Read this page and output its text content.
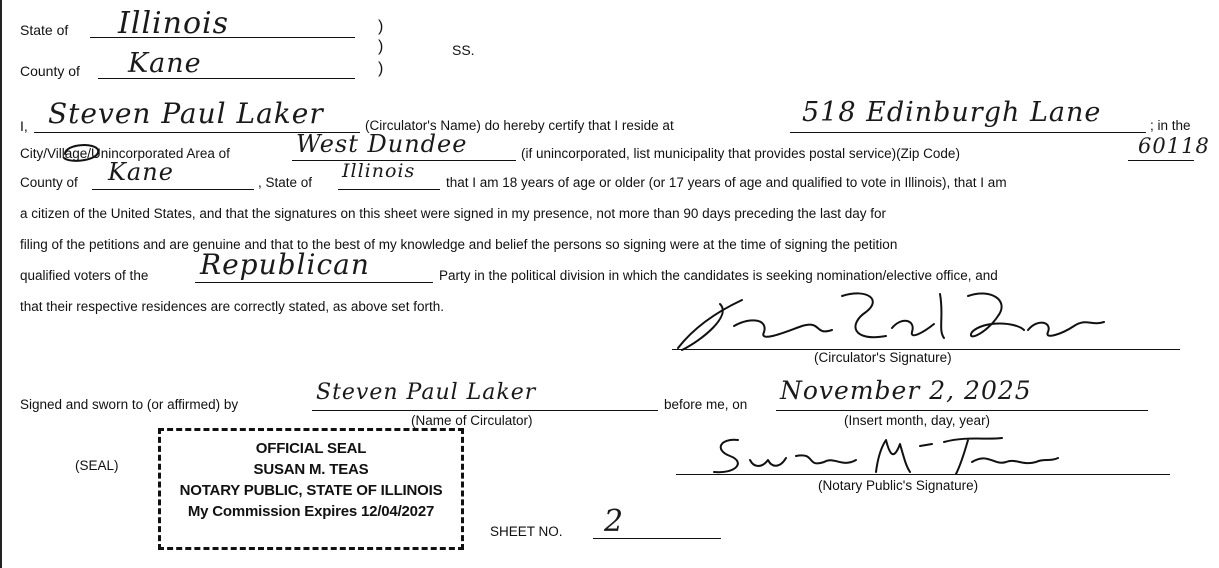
State of Illinois
County of Kane
)
)
)
SS.
I, Steven Paul Laker	(Circulator's Name) do hereby certify that I reside at	518 Edinburgh Lane	; in the
City/Village/Unincorporated Area of	West Dundee	(if unincorporated, list municipality that provides postal service)(Zip Code)	60118
County of Kane	, State of
Illinois
that I am 18 years of age or older (or 17 years of age and qualified to vote in Illinois), that I am
a citizen of the United States, and that the signatures on this sheet were signed in my presence, not more than 90 days preceding the last day for
filing of the petitions and are genuine and that to the best of my knowledge and belief the persons so signing were at the time of signing the petition
qualified voters of the Republican	Party in the political division in which the candidates is seeking nomination/elective office, and
that their respective residences are correctly stated, as above set forth.
(Circulator's Signature)
Signed and sworn to (or affirmed) by	Steven Paul Laker	before me, on November 2, 2025
(Name of Circulator)	(Insert month, day, year)
(SEAL)
OFFICIAL SEAL
SUSAN M. TEAS
NOTARY PUBLIC, STATE OF ILLINOIS
My Commission Expires 12/04/2027
(Notary Public's Signature)
SHEET NO. 2
